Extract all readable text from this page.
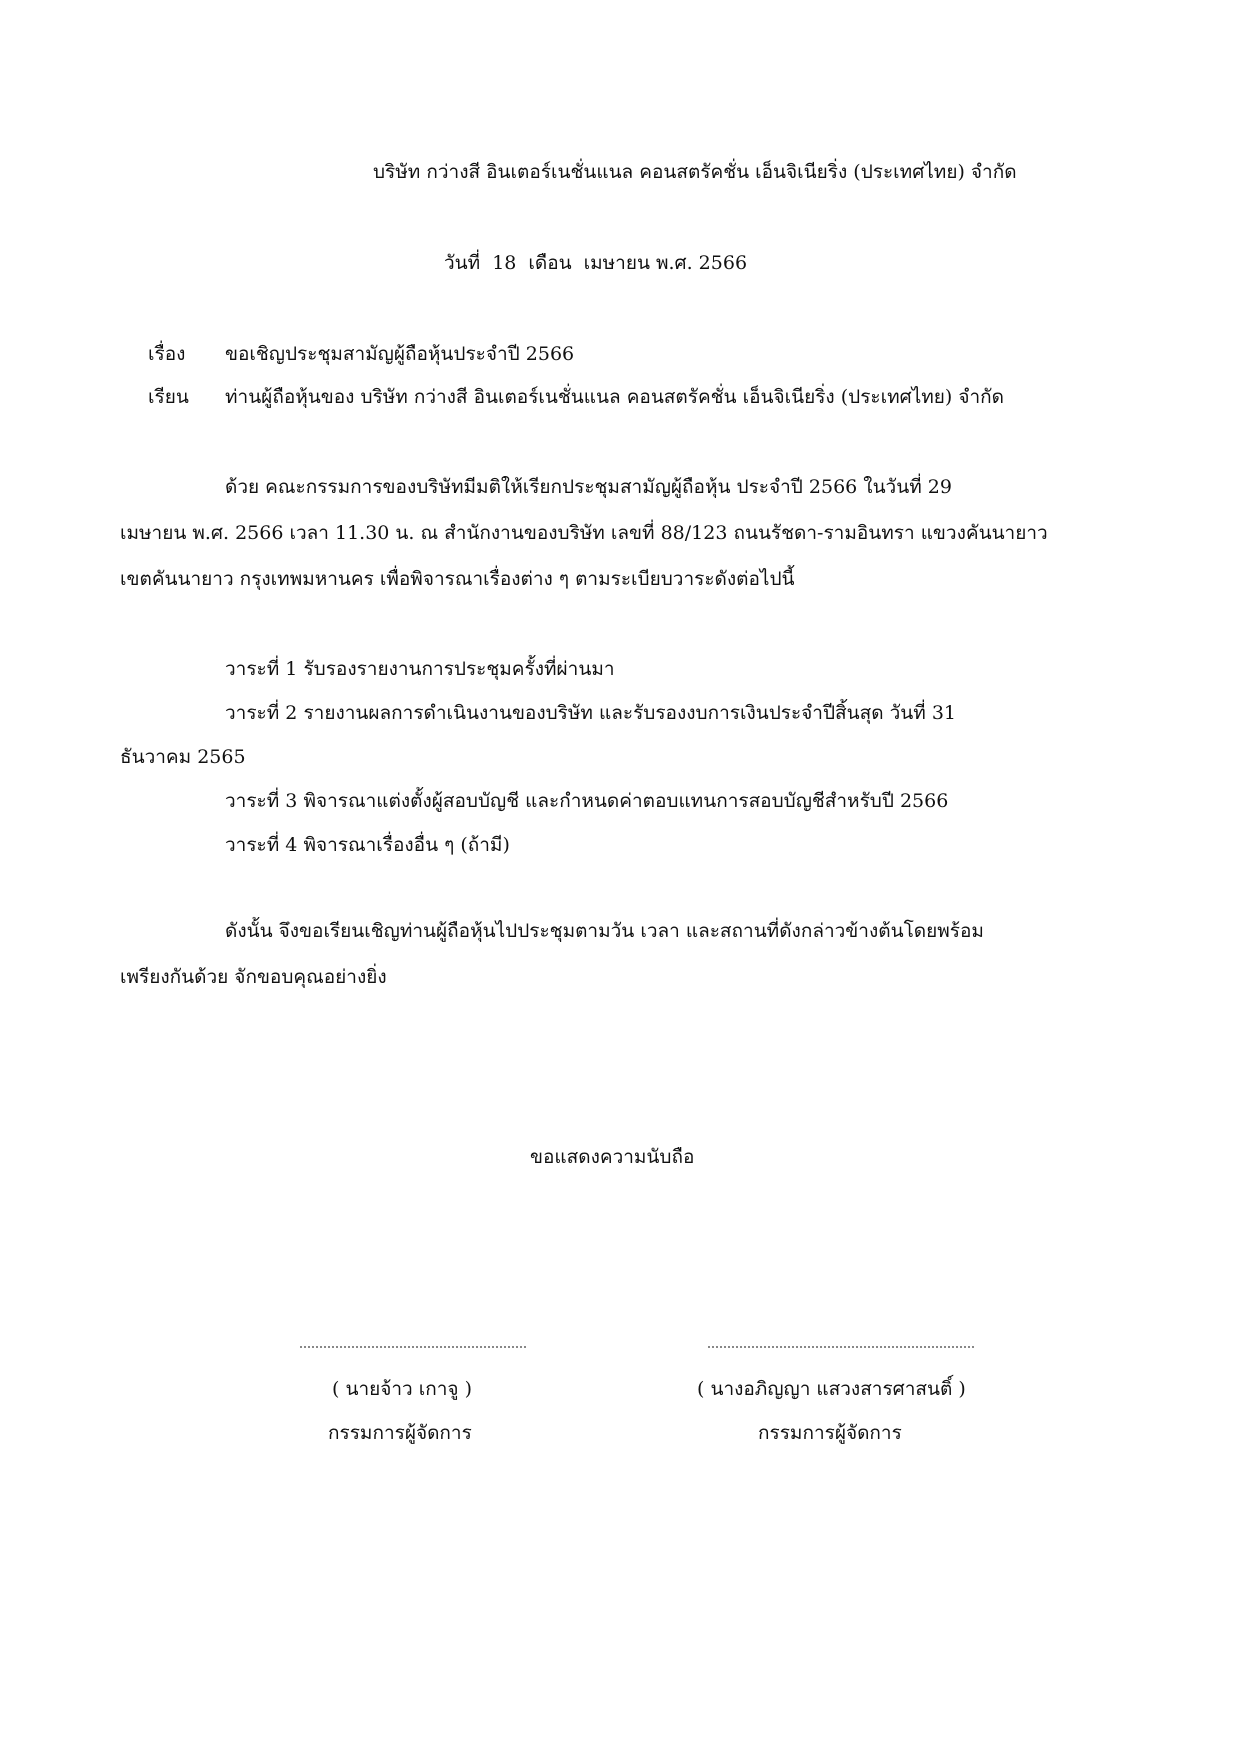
บริษัท กว่างสี อินเตอร์เนชั่นแนล คอนสตรัคชั่น เอ็นจิเนียริ่ง (ประเทศไทย) จำกัด
วันที่ 18 เดือน เมษายน พ.ศ. 2566
เรื่อง ขอเชิญประชุมสามัญผู้ถือหุ้นประจำปี 2566
เรียน ท่านผู้ถือหุ้นของ บริษัท กว่างสี อินเตอร์เนชั่นแนล คอนสตรัคชั่น เอ็นจิเนียริ่ง (ประเทศไทย) จำกัด
ด้วย คณะกรรมการของบริษัทมีมติให้เรียกประชุมสามัญผู้ถือหุ้น ประจำปี 2566 ในวันที่ 29
เมษายน พ.ศ. 2566 เวลา 11.30 น. ณ สำนักงานของบริษัท เลขที่ 88/123 ถนนรัชดา-รามอินทรา แขวงคันนายาว
เขตคันนายาว กรุงเทพมหานคร เพื่อพิจารณาเรื่องต่าง ๆ ตามระเบียบวาระดังต่อไปนี้
วาระที่ 1 รับรองรายงานการประชุมครั้งที่ผ่านมา
วาระที่ 2 รายงานผลการดำเนินงานของบริษัท และรับรองงบการเงินประจำปีสิ้นสุด วันที่ 31
ธันวาคม 2565
วาระที่ 3 พิจารณาแต่งตั้งผู้สอบบัญชี และกำหนดค่าตอบแทนการสอบบัญชีสำหรับปี 2566
วาระที่ 4 พิจารณาเรื่องอื่น ๆ (ถ้ามี)
ดังนั้น จึงขอเรียนเชิญท่านผู้ถือหุ้นไปประชุมตามวัน เวลา และสถานที่ดังกล่าวข้างต้นโดยพร้อม
เพรียงกันด้วย จักขอบคุณอย่างยิ่ง
ขอแสดงความนับถือ
( นายจ้าว เกาจู )
กรรมการผู้จัดการ
( นางอภิญญา แสวงสารศาสนติ์ )
กรรมการผู้จัดการ
